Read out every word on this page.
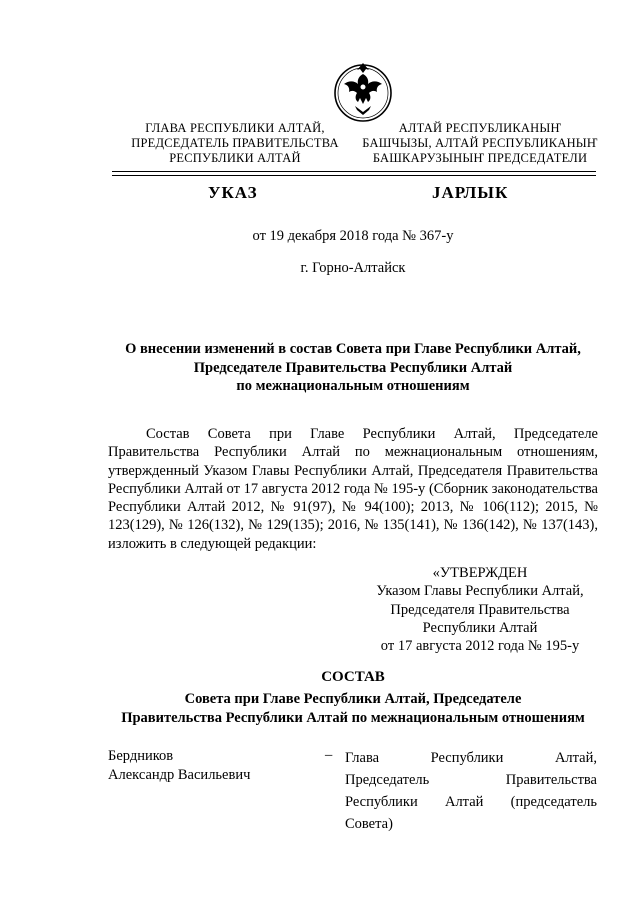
ГЛАВА РЕСПУБЛИКИ АЛТАЙ,
ПРЕДСЕДАТЕЛЬ ПРАВИТЕЛЬСТВА
РЕСПУБЛИКИ АЛТАЙ
АЛТАЙ РЕСПУБЛИКАНЫҤ
БАШЧЫЗЫ, АЛТАЙ РЕСПУБЛИКАНЫҤ
БАШКАРУЗЫНЫҤ ПРЕДСЕДАТЕЛИ
УКАЗ	ЈАРЛЫК
от 19 декабря 2018 года № 367-у
г. Горно-Алтайск
О внесении изменений в состав Совета при Главе Республики Алтай,
Председателе Правительства Республики Алтай
по межнациональным отношениям

Состав Совета при Главе Республики Алтай, Председателе Правительства Республики Алтай по межнациональным отношениям, утвержденный Указом Главы Республики Алтай, Председателя Правительства Республики Алтай от 17 августа 2012 года № 195-у (Сборник законодательства Республики Алтай 2012, № 91(97), № 94(100); 2013, № 106(112); 2015, № 123(129), № 126(132), № 129(135); 2016, № 135(141), № 136(142), № 137(143), изложить в следующей редакции:

«УТВЕРЖДЕН
Указом Главы Республики Алтай,
Председателя Правительства
Республики Алтай
от 17 августа 2012 года № 195-у
СОСТАВ
Совета при Главе Республики Алтай, Председателе
Правительства Республики Алтай по межнациональным отношениям
Бердников
Александр Васильевич
– Глава	Республики	Алтай,
Председатель	Правительства
Республики Алтай (председатель
Совета)
